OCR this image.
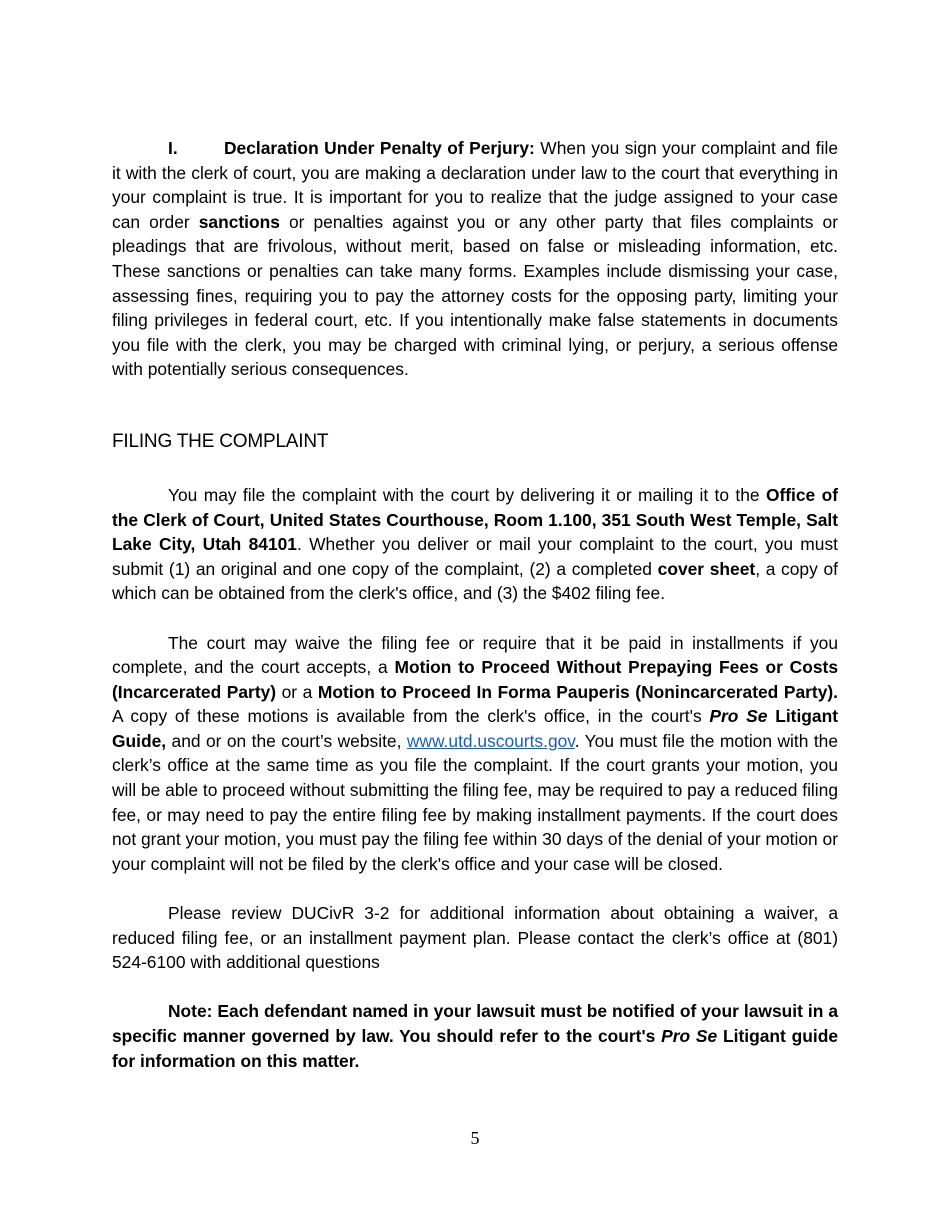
I.	Declaration Under Penalty of Perjury: When you sign your complaint and file it with the clerk of court, you are making a declaration under law to the court that everything in your complaint is true. It is important for you to realize that the judge assigned to your case can order sanctions or penalties against you or any other party that files complaints or pleadings that are frivolous, without merit, based on false or misleading information, etc. These sanctions or penalties can take many forms. Examples include dismissing your case, assessing fines, requiring you to pay the attorney costs for the opposing party, limiting your filing privileges in federal court, etc. If you intentionally make false statements in documents you file with the clerk, you may be charged with criminal lying, or perjury, a serious offense with potentially serious consequences.

FILING THE COMPLAINT

You may file the complaint with the court by delivering it or mailing it to the Office of the Clerk of Court, United States Courthouse, Room 1.100, 351 South West Temple, Salt Lake City, Utah 84101. Whether you deliver or mail your complaint to the court, you must submit (1) an original and one copy of the complaint, (2) a completed cover sheet, a copy of which can be obtained from the clerk's office, and (3) the $402 filing fee.

The court may waive the filing fee or require that it be paid in installments if you complete, and the court accepts, a Motion to Proceed Without Prepaying Fees or Costs (Incarcerated Party) or a Motion to Proceed In Forma Pauperis (Nonincarcerated Party). A copy of these motions is available from the clerk's office, in the court's Pro Se Litigant Guide, and or on the court’s website, www.utd.uscourts.gov. You must file the motion with the clerk’s office at the same time as you file the complaint. If the court grants your motion, you will be able to proceed without submitting the filing fee, may be required to pay a reduced filing fee, or may need to pay the entire filing fee by making installment payments. If the court does not grant your motion, you must pay the filing fee within 30 days of the denial of your motion or your complaint will not be filed by the clerk's office and your case will be closed.

Please review DUCivR 3-2 for additional information about obtaining a waiver, a reduced filing fee, or an installment payment plan. Please contact the clerk’s office at (801) 524-6100 with additional questions

Note: Each defendant named in your lawsuit must be notified of your lawsuit in a specific manner governed by law. You should refer to the court's Pro Se Litigant guide for information on this matter.

5
